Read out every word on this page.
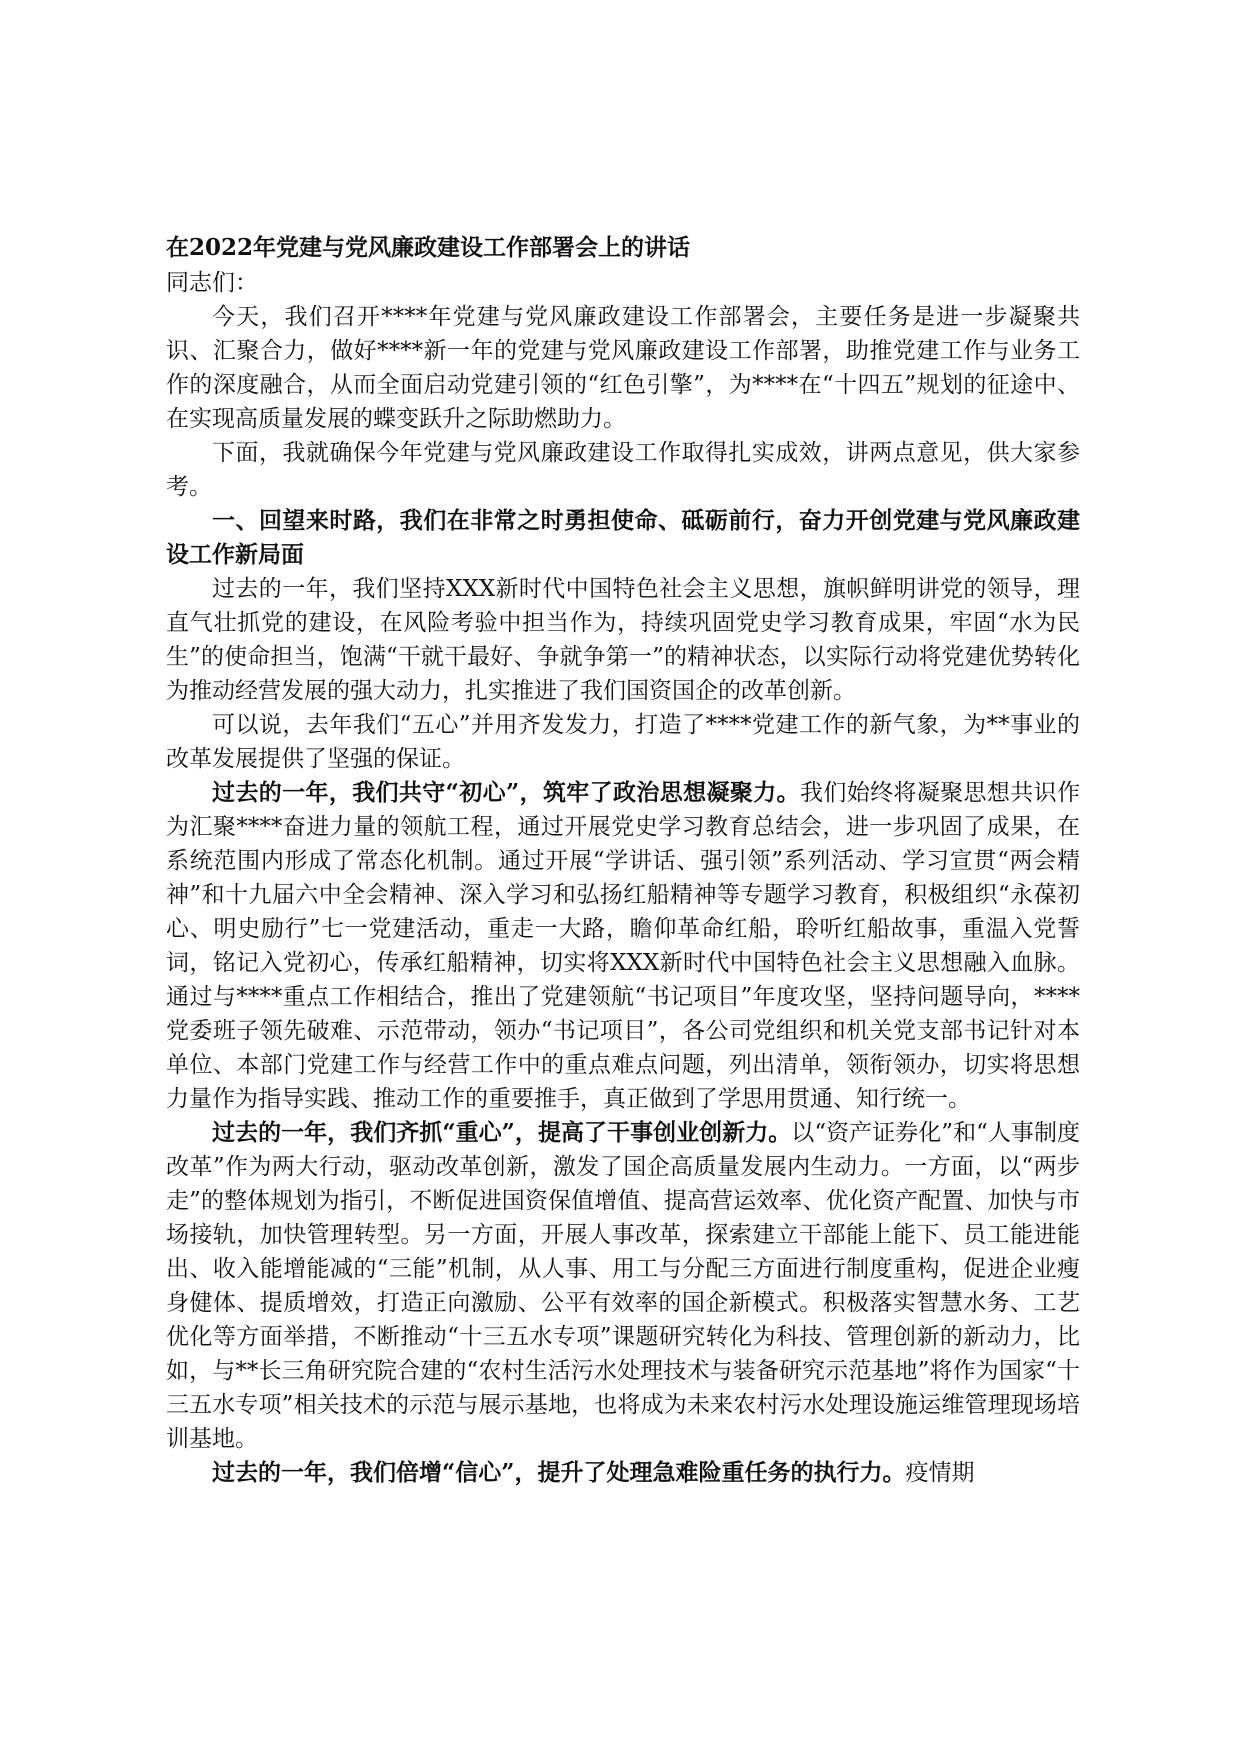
在2022年党建与党风廉政建设工作部署会上的讲话

同志们：

今天，我们召开****年党建与党风廉政建设工作部署会，主要任务是进一步凝聚共识、汇聚合力，做好****新一年的党建与党风廉政建设工作部署，助推党建工作与业务工作的深度融合，从而全面启动党建引领的“红色引擎”，为****在“十四五”规划的征途中、在实现高质量发展的蝶变跃升之际助燃助力。

下面，我就确保今年党建与党风廉政建设工作取得扎实成效，讲两点意见，供大家参考。

一、回望来时路，我们在非常之时勇担使命、砥砺前行，奋力开创党建与党风廉政建设工作新局面

过去的一年，我们坚持XXX新时代中国特色社会主义思想，旗帜鲜明讲党的领导，理直气壮抓党的建设，在风险考验中担当作为，持续巩固党史学习教育成果，牢固“水为民生”的使命担当，饱满“干就干最好、争就争第一”的精神状态，以实际行动将党建优势转化为推动经营发展的强大动力，扎实推进了我们国资国企的改革创新。

可以说，去年我们“五心”并用齐发发力，打造了****党建工作的新气象，为**事业的改革发展提供了坚强的保证。

过去的一年，我们共守“初心”，筑牢了政治思想凝聚力。我们始终将凝聚思想共识作为汇聚****奋进力量的领航工程，通过开展党史学习教育总结会，进一步巩固了成果，在系统范围内形成了常态化机制。通过开展“学讲话、强引领”系列活动、学习宣贯“两会精神”和十九届六中全会精神、深入学习和弘扬红船精神等专题学习教育，积极组织“永葆初心、明史励行”七一党建活动，重走一大路，瞻仰革命红船，聆听红船故事，重温入党誓词，铭记入党初心，传承红船精神，切实将XXX新时代中国特色社会主义思想融入血脉。通过与****重点工作相结合，推出了党建领航“书记项目”年度攻坚，坚持问题导向，****党委班子领先破难、示范带动，领办“书记项目”，各公司党组织和机关党支部书记针对本单位、本部门党建工作与经营工作中的重点难点问题，列出清单，领衔领办，切实将思想力量作为指导实践、推动工作的重要推手，真正做到了学思用贯通、知行统一。

过去的一年，我们齐抓“重心”，提高了干事创业创新力。以“资产证券化”和“人事制度改革”作为两大行动，驱动改革创新，激发了国企高质量发展内生动力。一方面，以“两步走”的整体规划为指引，不断促进国资保值增值、提高营运效率、优化资产配置、加快与市场接轨，加快管理转型。另一方面，开展人事改革，探索建立干部能上能下、员工能进能出、收入能增能减的“三能”机制，从人事、用工与分配三方面进行制度重构，促进企业瘦身健体、提质增效，打造正向激励、公平有效率的国企新模式。积极落实智慧水务、工艺优化等方面举措，不断推动“十三五水专项”课题研究转化为科技、管理创新的新动力，比如，与**长三角研究院合建的“农村生活污水处理技术与装备研究示范基地”将作为国家“十三五水专项”相关技术的示范与展示基地，也将成为未来农村污水处理设施运维管理现场培训基地。

过去的一年，我们倍增“信心”，提升了处理急难险重任务的执行力。疫情期
